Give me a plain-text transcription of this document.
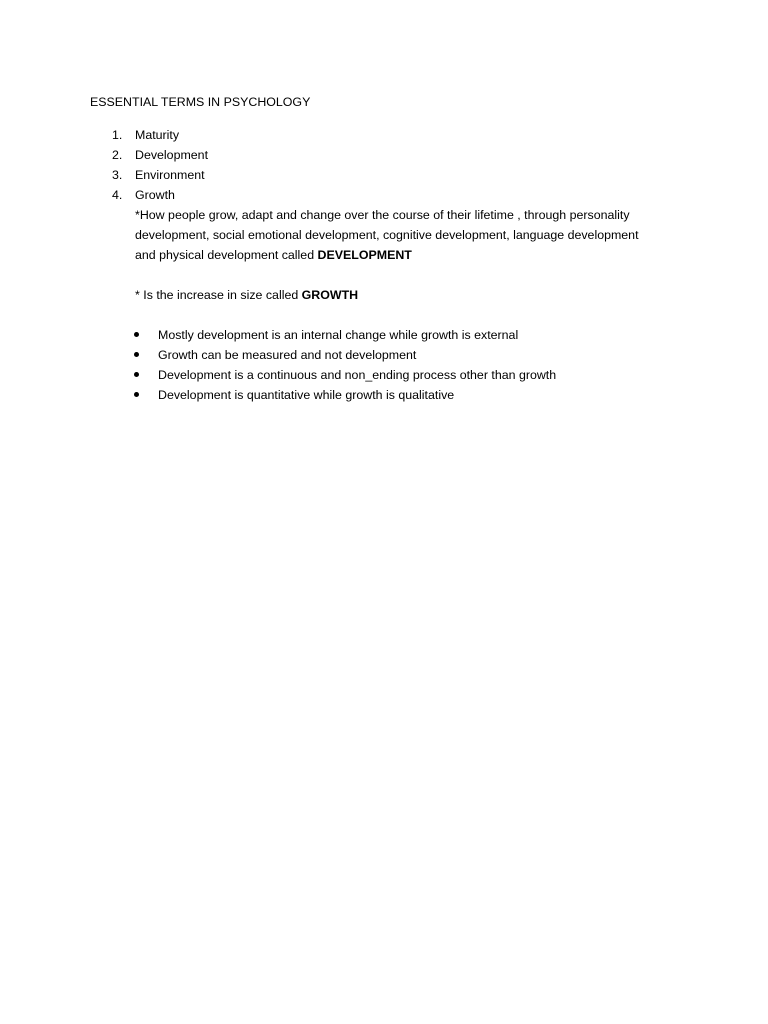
ESSENTIAL TERMS IN PSYCHOLOGY
1.	Maturity
2.	Development
3.	Environment
4.	Growth
*How people grow, adapt and change over the course of their lifetime , through personality
development, social emotional development, cognitive development, language development
and physical development called DEVELOPMENT
* Is the increase in size called GROWTH
Mostly development is an internal change while growth is external
Growth can be measured and not development
Development is a continuous and non_ending process other than growth
Development is quantitative while growth is qualitative
